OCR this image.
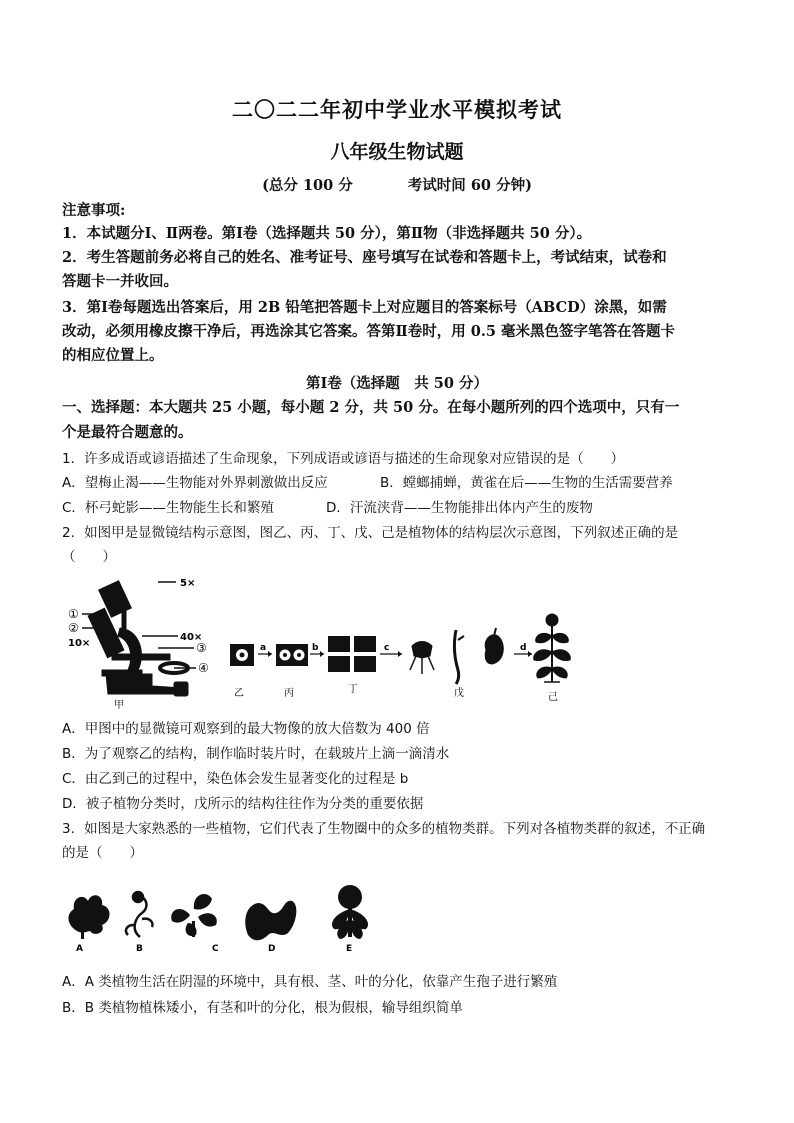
二〇二二年初中学业水平模拟考试
八年级生物试题
(总分 100 分	考试时间 60 分钟)
注意事项:
1．本试题分Ⅰ、Ⅱ两卷。第Ⅰ卷（选择题共 50 分），第Ⅱ物（非选择题共 50 分）。
2．考生答题前务必将自己的姓名、准考证号、座号填写在试卷和答题卡上，考试结束，试卷和
答题卡一并收回。
3．第Ⅰ卷每题选出答案后，用 2B 铅笔把答题卡上对应题目的答案标号（ABCD）涂黑，如需
改动，必须用橡皮擦干净后，再选涂其它答案。答第Ⅱ卷时，用 0.5 毫米黑色签字笔答在答题卡
的相应位置上。
第Ⅰ卷（选择题　共 50 分）
一、选择题：本大题共 25 小题，每小题 2 分，共 50 分。在每小题所列的四个选项中，只有一
个是最符合题意的。
1．许多成语或谚语描述了生命现象，下列成语或谚语与描述的生命现象对应错误的是（　　）
A．望梅止渴——生物能对外界刺激做出反应	B．螳螂捕蝉，黄雀在后——生物的生活需要营养
C．杯弓蛇影——生物能生长和繁殖	D．汗流浃背——生物能排出体内产生的废物
2．如图甲是显微镜结构示意图，图乙、丙、丁、戊、己是植物体的结构层次示意图，下列叙述正确的是
（　　）
5×
①
②
10×
40×
③
④
甲
a	b	c
戊
d
乙	丙	丁
己
A．甲图中的显微镜可观察到的最大物像的放大倍数为 400 倍
B．为了观察乙的结构，制作临时装片时，在载玻片上滴一滴清水
C．由乙到己的过程中，染色体会发生显著变化的过程是 b
D．被子植物分类时，戊所示的结构往往作为分类的重要依据
3．如图是大家熟悉的一些植物，它们代表了生物圈中的众多的植物类群。下列对各植物类群的叙述，不正确
的是（　　）
A	B	C	D	E
A．A 类植物生活在阴湿的环境中，具有根、茎、叶的分化，依靠产生孢子进行繁殖
B．B 类植物植株矮小，有茎和叶的分化，根为假根，输导组织简单
